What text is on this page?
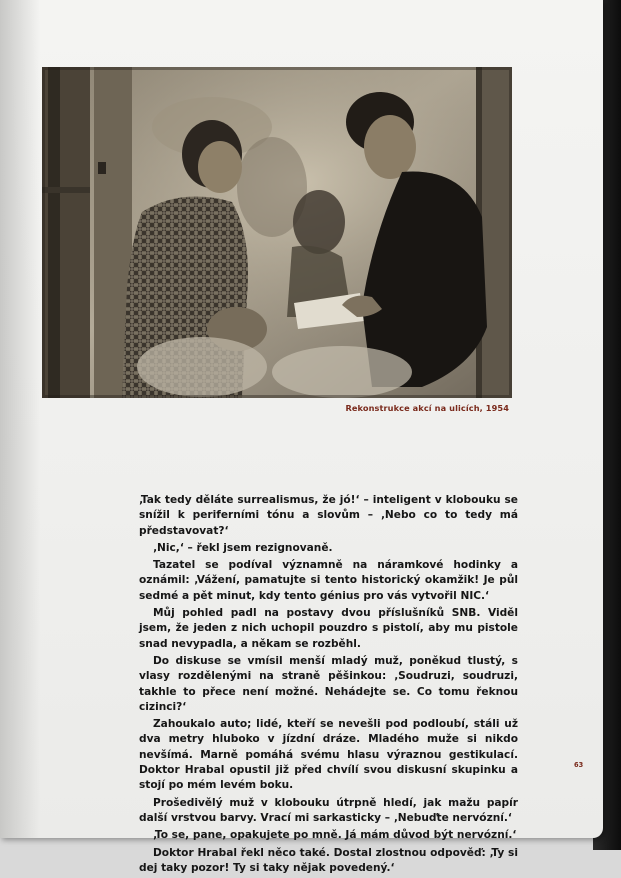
Rekonstrukce akcí na ulicích, 1954

‚Tak tedy děláte surrealismus, že jó!‘ – inteligent v klobouku se snížil k periferními tónu a slovům – ‚Nebo co to tedy má představovat?‘

‚Nic,‘ – řekl jsem rezignovaně.

Tazatel se podíval významně na náramkové hodinky a oznámil: ‚Vážení, pamatujte si tento historický okamžik! Je půl sedmé a pět minut, kdy tento génius pro vás vytvořil NIC.‘

Můj pohled padl na postavy dvou příslušníků SNB. Viděl jsem, že jeden z nich uchopil pouzdro s pistolí, aby mu pistole snad nevypadla, a někam se rozběhl.

Do diskuse se vmísil menší mladý muž, poněkud tlustý, s vlasy rozdělenými na straně pěšinkou: ‚Soudruzi, soudruzi, takhle to přece není možné. Nehádejte se. Co tomu řeknou cizinci?‘

Zahoukalo auto; lidé, kteří se nevešli pod podloubí, stáli už dva metry hluboko v jízdní dráze. Mladého muže si nikdo nevšímá. Marně pomáhá svému hlasu výraznou gestikulací. Doktor Hrabal opustil již před chvílí svou diskusní skupinku a stojí po mém levém boku.

Prošedivělý muž v klobouku útrpně hledí, jak mažu papír další vrstvou barvy. Vrací mi sarkasticky – ‚Nebuďte nervózní.‘

‚To se, pane, opakujete po mně. Já mám důvod být nervózní.‘

Doktor Hrabal řekl něco také. Dostal zlostnou odpověď: ‚Ty si dej taky pozor! Ty si taky nějak povedený.‘

63
